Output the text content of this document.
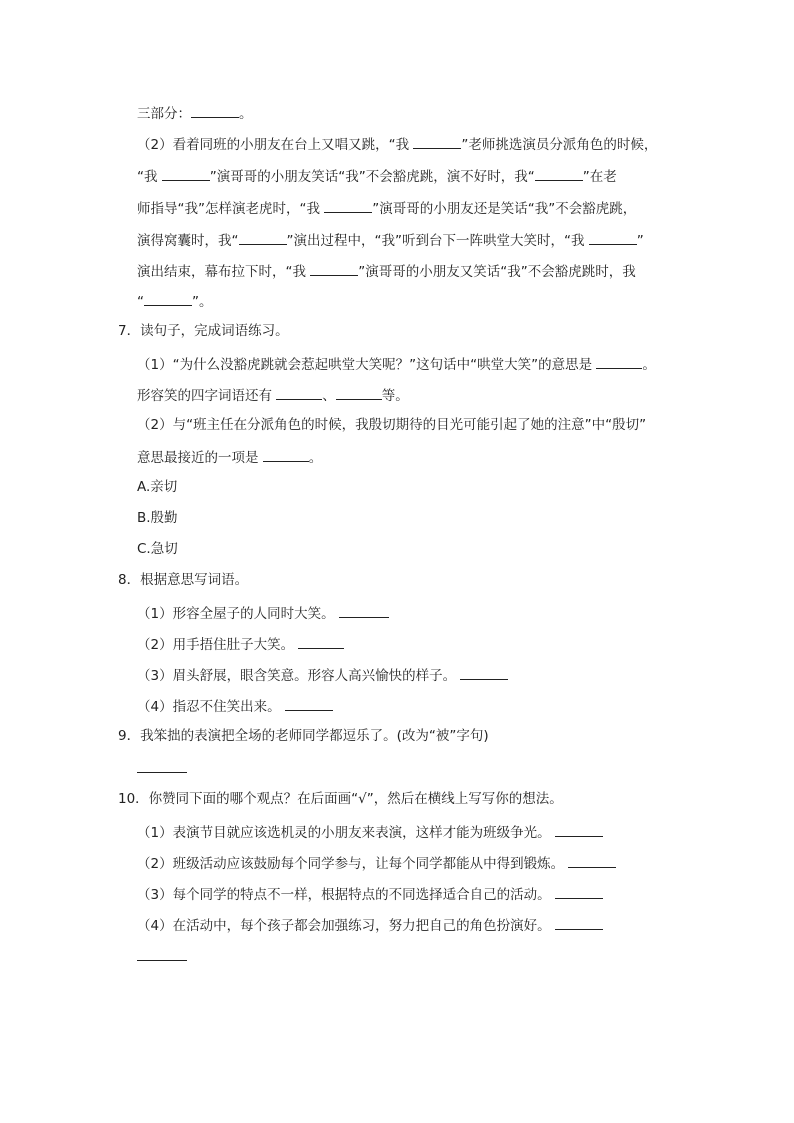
三部分：	。
（2）看着同班的小朋友在台上又唱又跳，“我	”老师挑选演员分派角色的时候，
“我	”演哥哥的小朋友笑话“我”不会豁虎跳，演不好时，我“	”在老
师指导“我”怎样演老虎时，“我	”演哥哥的小朋友还是笑话“我”不会豁虎跳，
演得窝囊时，我“	”演出过程中，“我”听到台下一阵哄堂大笑时，“我	”
演出结束，幕布拉下时，“我	”演哥哥的小朋友又笑话“我”不会豁虎跳时，我
“	”。
7．读句子，完成词语练习。
（1）“为什么没豁虎跳就会惹起哄堂大笑呢？”这句话中“哄堂大笑”的意思是	。
形容笑的四字词语还有	、	等。
（2）与“班主任在分派角色的时候，我殷切期待的目光可能引起了她的注意”中“殷切”
意思最接近的一项是	。
A.亲切
B.殷勤
C.急切
8．根据意思写词语。
（1）形容全屋子的人同时大笑。
（2）用手捂住肚子大笑。
（3）眉头舒展，眼含笑意。形容人高兴愉快的样子。
（4）指忍不住笑出来。
9．我笨拙的表演把全场的老师同学都逗乐了。(改为“被”字句)
10．你赞同下面的哪个观点？在后面画“√”，然后在横线上写写你的想法。
（1）表演节目就应该选机灵的小朋友来表演，这样才能为班级争光。
（2）班级活动应该鼓励每个同学参与，让每个同学都能从中得到锻炼。
（3）每个同学的特点不一样，根据特点的不同选择适合自己的活动。
（4）在活动中，每个孩子都会加强练习，努力把自己的角色扮演好。
